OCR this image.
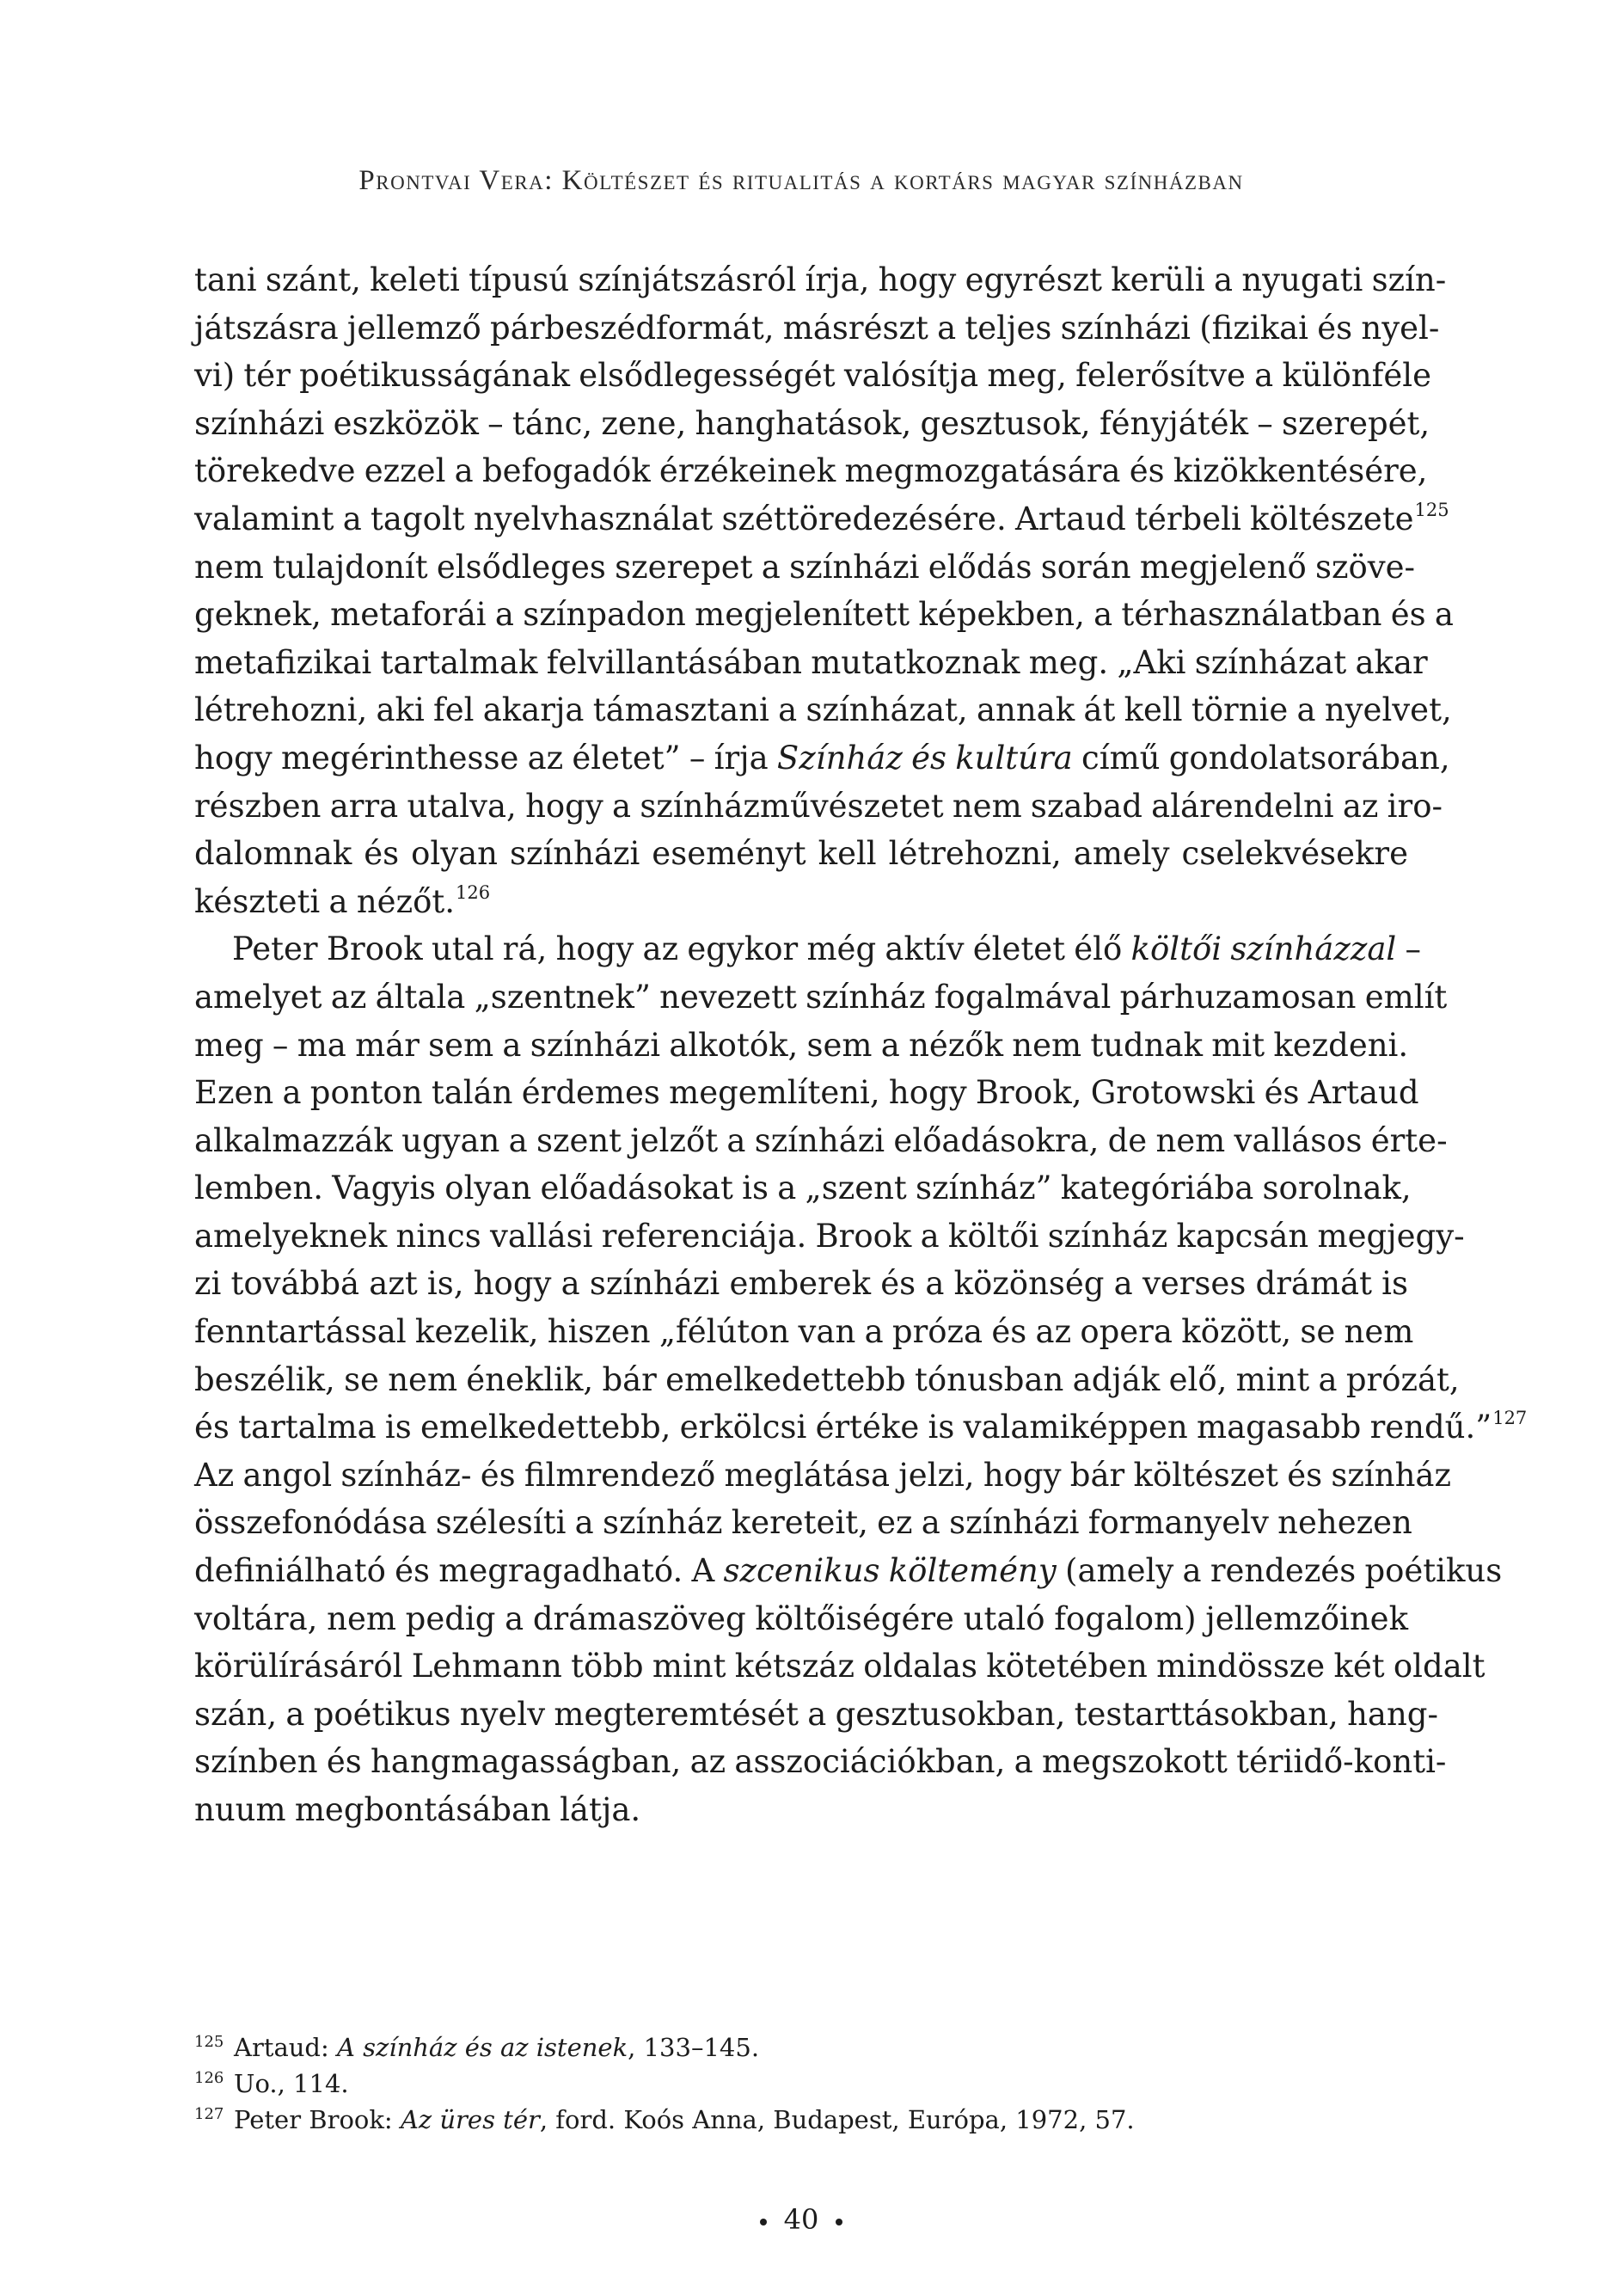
Prontvai Vera: Költészet és ritualitás a kortárs magyar színházban
tani szánt, keleti típusú színjátszásról írja, hogy egyrészt kerüli a nyugati szín-
játszásra jellemző párbeszédformát, másrészt a teljes színházi (fizikai és nyel-
vi) tér poétikusságának elsődlegességét valósítja meg, felerősítve a különféle
színházi eszközök – tánc, zene, hanghatások, gesztusok, fényjáték – szerepét,
törekedve ezzel a befogadók érzékeinek megmozgatására és kizökkentésére,
valamint a tagolt nyelvhasználat széttöredezésére. Artaud térbeli költészete$^{125}$
nem tulajdonít elsődleges szerepet a színházi elődás során megjelenő szöve-
geknek, metaforái a színpadon megjelenített képekben, a térhasználatban és a
metafizikai tartalmak felvillantásában mutatkoznak meg. „Aki színházat akar
létrehozni, aki fel akarja támasztani a színházat, annak át kell törnie a nyelvet,
hogy megérinthesse az életet” – írja Színház és kultúra című gondolatsorában,
részben arra utalva, hogy a színházművészetet nem szabad alárendelni az iro-
dalomnak és olyan színházi eseményt kell létrehozni, amely cselekvésekre
készteti a nézőt.$^{126}$
Peter Brook utal rá, hogy az egykor még aktív életet élő költői színházzal –
amelyet az általa „szentnek” nevezett színház fogalmával párhuzamosan említ
meg – ma már sem a színházi alkotók, sem a nézők nem tudnak mit kezdeni.
Ezen a ponton talán érdemes megemlíteni, hogy Brook, Grotowski és Artaud
alkalmazzák ugyan a szent jelzőt a színházi előadásokra, de nem vallásos érte-
lemben. Vagyis olyan előadásokat is a „szent színház” kategóriába sorolnak,
amelyeknek nincs vallási referenciája. Brook a költői színház kapcsán megjegy-
zi továbbá azt is, hogy a színházi emberek és a közönség a verses drámát is
fenntartással kezelik, hiszen „félúton van a próza és az opera között, se nem
beszélik, se nem éneklik, bár emelkedettebb tónusban adják elő, mint a prózát,
és tartalma is emelkedettebb, erkölcsi értéke is valamiképpen magasabb rendű.”$^{127}$
Az angol színház- és filmrendező meglátása jelzi, hogy bár költészet és színház
összefonódása szélesíti a színház kereteit, ez a színházi formanyelv nehezen
definiálható és megragadható. A szcenikus költemény (amely a rendezés poétikus
voltára, nem pedig a drámaszöveg költőiségére utaló fogalom) jellemzőinek
körülírásáról Lehmann több mint kétszáz oldalas kötetében mindössze két oldalt
szán, a poétikus nyelv megteremtését a gesztusokban, testarttásokban, hang-
színben és hangmagasságban, az asszociációkban, a megszokott tériidő-konti-
nuum megbontásában látja.
125 Artaud: A színház és az istenek, 133–145.
126 Uo., 114.
127 Peter Brook: Az üres tér, ford. Koós Anna, Budapest, Európa, 1972, 57.
40
